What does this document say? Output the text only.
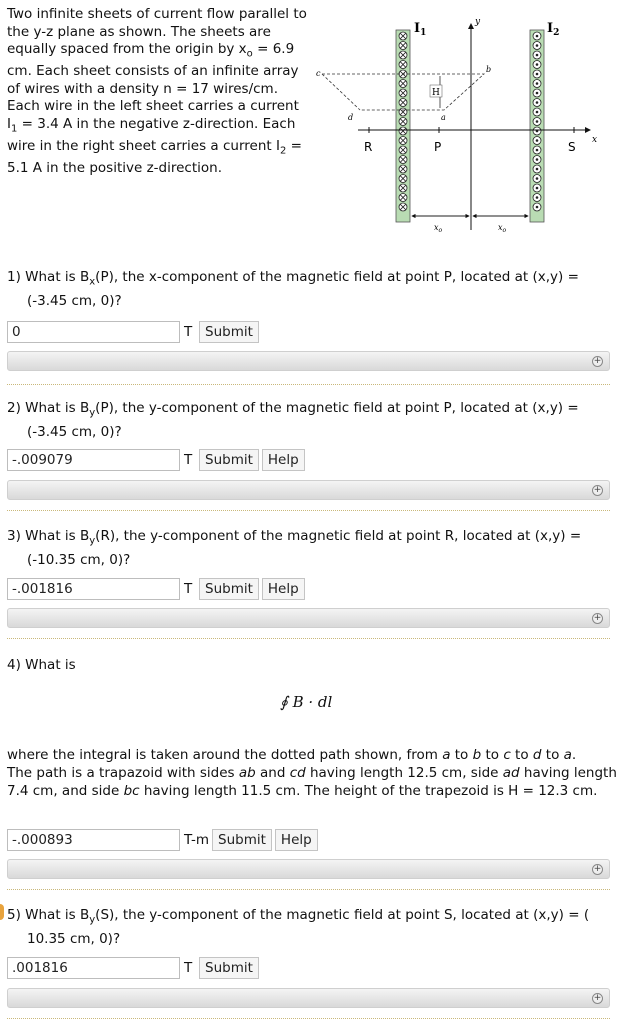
Two infinite sheets of current flow parallel to the y-z plane as shown. The sheets are equally spaced from the origin by $x_o = 6.9$ cm. Each sheet consists of an infinite array of wires with a density n = 17 wires/cm. Each wire in the left sheet carries a current $I_1 = 3.4$ A in the negative z-direction. Each wire in the right sheet carries a current $I_2 = 5.1$ A in the positive z-direction.
y
x
$I_1$	$I_2$
c	b
d	a
H
R	P	S
$x_o$	$x_o$
1) What is $B_x(P)$, the x-component of the magnetic field at point P, located at (x,y) =
(-3.45 cm, 0)?
0
T Submit
+
2) What is $B_y(P)$, the y-component of the magnetic field at point P, located at (x,y) =
(-3.45 cm, 0)?
-.009079
T Submit	Help
+
3) What is $B_y(R)$, the y-component of the magnetic field at point R, located at (x,y) =
(-10.35 cm, 0)?
-.001816
T Submit	Help
+
4) What is
∮ B · dl
where the integral is taken around the dotted path shown, from a to b to c to d to a.
The path is a trapazoid with sides ab and cd having length 12.5 cm, side ad having length 7.4 cm, and side bc having length 11.5 cm. The height of the trapezoid is H = 12.3 cm.
-.000893
T-m Submit	Help
+
5) What is $B_y(S)$, the y-component of the magnetic field at point S, located at (x,y) = (
10.35 cm, 0)?
.001816
T Submit
+
